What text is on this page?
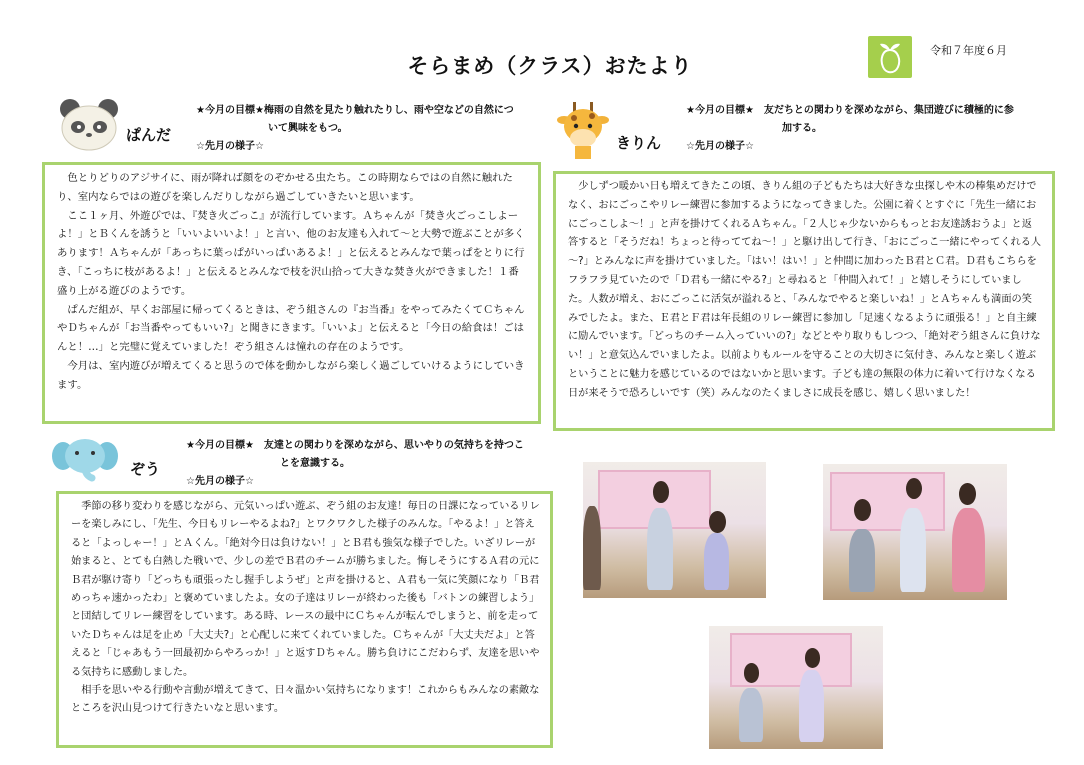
そらまめ（クラス）おたより
令和７年度６月
ぱんだ
★今月の目標★梅雨の自然を見たり触れたりし、雨や空などの自然につ
いて興味をもつ。
☆先月の様子☆

色とりどりのアジサイに、雨が降れば顔をのぞかせる虫たち。この時期ならではの自然に触れたり、室内ならではの遊びを楽しんだりしながら過ごしていきたいと思います。

ここ１ヶ月、外遊びでは、『焚き火ごっこ』が流行しています。Ａちゃんが「焚き火ごっこしよーよ！」とＢくんを誘うと「いいよいいよ！」と言い、他のお友達も入れて～と大勢で遊ぶことが多くあります！Ａちゃんが「あっちに葉っぱがいっぱいあるよ！」と伝えるとみんなで葉っぱをとりに行き、「こっちに枝があるよ！」と伝えるとみんなで枝を沢山拾って大きな焚き火ができました！１番盛り上がる遊びのようです。

ぱんだ組が、早くお部屋に帰ってくるときは、ぞう組さんの『お当番』をやってみたくてＣちゃんやＤちゃんが「お当番やってもいい?」と聞きにきます。「いいよ」と伝えると「今日の給食は！ごはんと！…」と完璧に覚えていました！ぞう組さんは憧れの存在のようです。

今月は、室内遊びが増えてくると思うので体を動かしながら楽しく過ごしていけるようにしていきます。

きりん
★今月の目標★　友だちとの関わりを深めながら、集団遊びに積極的に参
加する。
☆先月の様子☆

少しずつ暖かい日も増えてきたこの頃、きりん組の子どもたちは大好きな虫探しや木の棒集めだけでなく、おにごっこやリレー練習に参加するようになってきました。公園に着くとすぐに「先生一緒におにごっこしよ～！」と声を掛けてくれるＡちゃん。「２人じゃ少ないからもっとお友達誘おうよ」と返答すると「そうだね！ちょっと待っててね～！」と駆け出して行き、「おにごっこ一緒にやってくれる人～?」とみんなに声を掛けていました。「はい！はい！」と仲間に加わったＢ君とＣ君。Ｄ君もこちらをフラフラ見ていたので「Ｄ君も一緒にやる?」と尋ねると「仲間入れて！」と嬉しそうにしていました。人数が増え、おにごっこに活気が溢れると、「みんなでやると楽しいね！」とＡちゃんも満面の笑みでしたよ。また、Ｅ君とＦ君は年長組のリレー練習に参加し「足速くなるように頑張る！」と自主練に励んでいます。「どっちのチーム入っていいの?」などとやり取りもしつつ、「絶対ぞう組さんに負けない！」と意気込んでいましたよ。以前よりもルールを守ることの大切さに気付き、みんなと楽しく遊ぶということに魅力を感じているのではないかと思います。子ども達の無限の体力に着いて行けなくなる日が来そうで恐ろしいです（笑）みんなのたくましさに成長を感じ、嬉しく思いました！

ぞう
★今月の目標★　友達との関わりを深めながら、思いやりの気持ちを持つこ
とを意識する。
☆先月の様子☆

季節の移り変わりを感じながら、元気いっぱい遊ぶ、ぞう組のお友達！毎日の日課になっているリレーを楽しみにし、「先生、今日もリレーやるよね?」とワクワクした様子のみんな。「やるよ！」と答えると「よっしゃー！」とＡくん。「絶対今日は負けない！」とＢ君も強気な様子でした。いざリレーが始まると、とても白熱した戦いで、少しの差でＢ君のチームが勝ちました。悔しそうにするＡ君の元にＢ君が駆け寄り「どっちも頑張ったし握手しようぜ」と声を掛けると、Ａ君も一気に笑顔になり「Ｂ君めっちゃ速かったわ」と褒めていましたよ。女の子達はリレーが終わった後も「バトンの練習しよう」と団結してリレー練習をしています。ある時、レースの最中にＣちゃんが転んでしまうと、前を走っていたＤちゃんは足を止め「大丈夫?」と心配しに来てくれていました。Ｃちゃんが「大丈夫だよ」と答えると「じゃあもう一回最初からやろっか！」と返すＤちゃん。勝ち負けにこだわらず、友達を思いやる気持ちに感動しました。

相手を思いやる行動や言動が増えてきて、日々温かい気持ちになります！これからもみんなの素敵なところを沢山見つけて行きたいなと思います。
